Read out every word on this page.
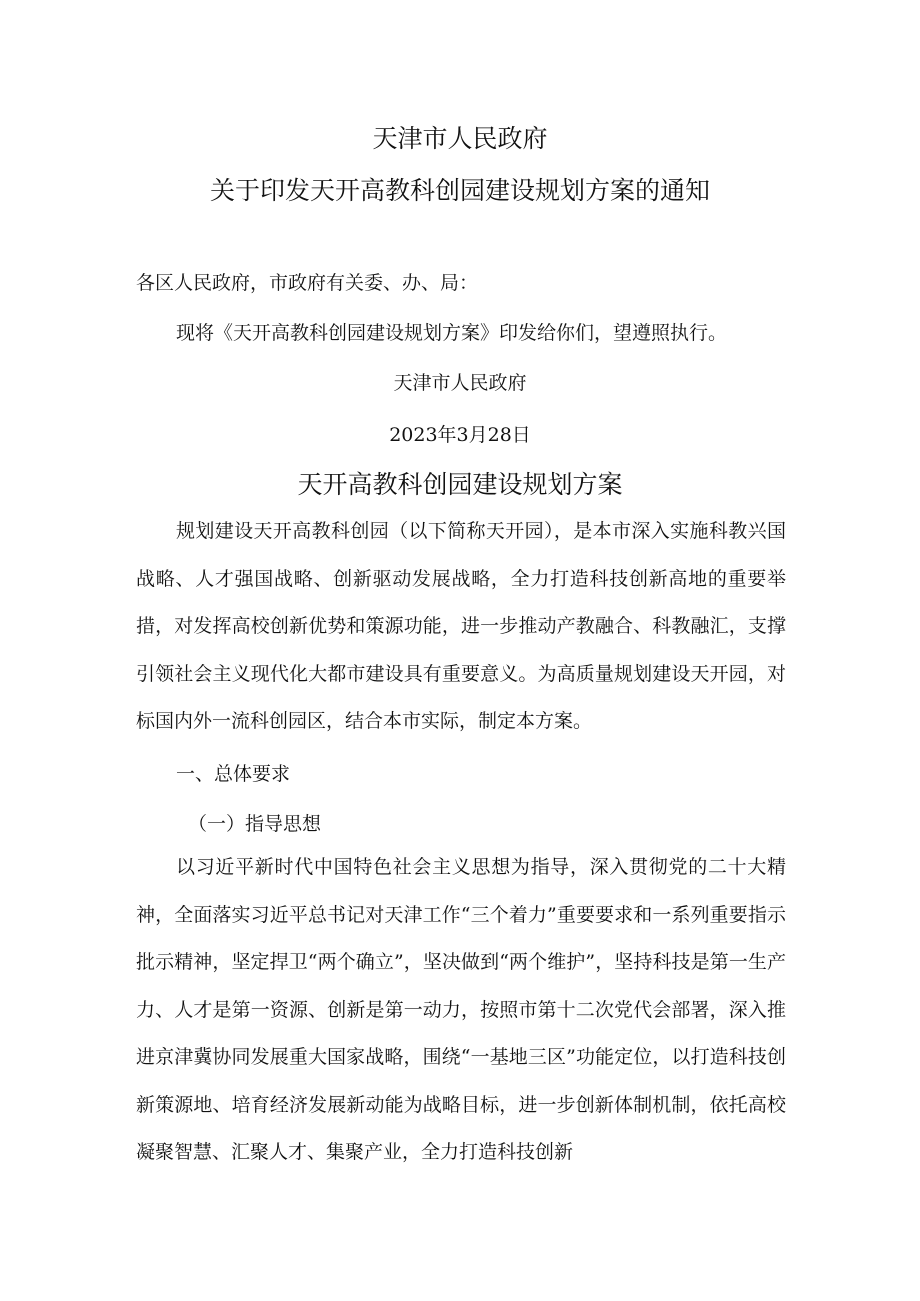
天津市人民政府
关于印发天开高教科创园建设规划方案的通知
各区人民政府，市政府有关委、办、局：
现将《天开高教科创园建设规划方案》印发给你们，望遵照执行。
天津市人民政府
2023年3月28日
天开高教科创园建设规划方案
规划建设天开高教科创园（以下简称天开园），是本市深入实施科教兴国战略、人才强国战略、创新驱动发展战略，全力打造科技创新高地的重要举措，对发挥高校创新优势和策源功能，进一步推动产教融合、科教融汇，支撑引领社会主义现代化大都市建设具有重要意义。为高质量规划建设天开园，对标国内外一流科创园区，结合本市实际，制定本方案。
一、总体要求
（一）指导思想
以习近平新时代中国特色社会主义思想为指导，深入贯彻党的二十大精神，全面落实习近平总书记对天津工作“三个着力”重要要求和一系列重要指示批示精神，坚定捍卫“两个确立”，坚决做到“两个维护”，坚持科技是第一生产力、人才是第一资源、创新是第一动力，按照市第十二次党代会部署，深入推进京津冀协同发展重大国家战略，围绕“一基地三区”功能定位，以打造科技创新策源地、培育经济发展新动能为战略目标，进一步创新体制机制，依托高校凝聚智慧、汇聚人才、集聚产业，全力打造科技创新
